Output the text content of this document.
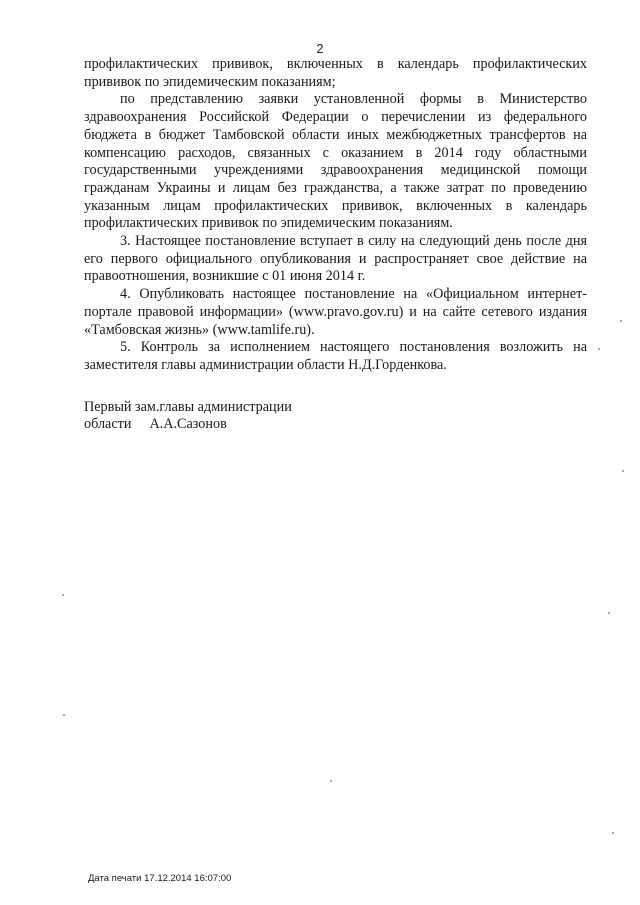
2

профилактических прививок, включенных в календарь профилактических прививок по эпидемическим показаниям;

по представлению заявки установленной формы в Министерство здравоохранения Российской Федерации о перечислении из федерального бюджета в бюджет Тамбовской области иных межбюджетных трансфертов на компенсацию расходов, связанных с оказанием в 2014 году областными государственными учреждениями здравоохранения медицинской помощи гражданам Украины и лицам без гражданства, а также затрат по проведению указанным лицам профилактических прививок, включенных в календарь профилактических прививок по эпидемическим показаниям.

3. Настоящее постановление вступает в силу на следующий день после дня его первого официального опубликования и распространяет свое действие на правоотношения, возникшие с 01 июня 2014 г.

4. Опубликовать настоящее постановление на «Официальном интернет-портале правовой информации» (www.pravo.gov.ru) и на сайте сетевого издания «Тамбовская жизнь» (www.tamlife.ru).

5. Контроль за исполнением настоящего постановления возложить на заместителя главы администрации области Н.Д.Горденкова.

Первый зам.главы администрации
области А.А.Сазонов
Дата печати 17.12.2014 16:07:00
